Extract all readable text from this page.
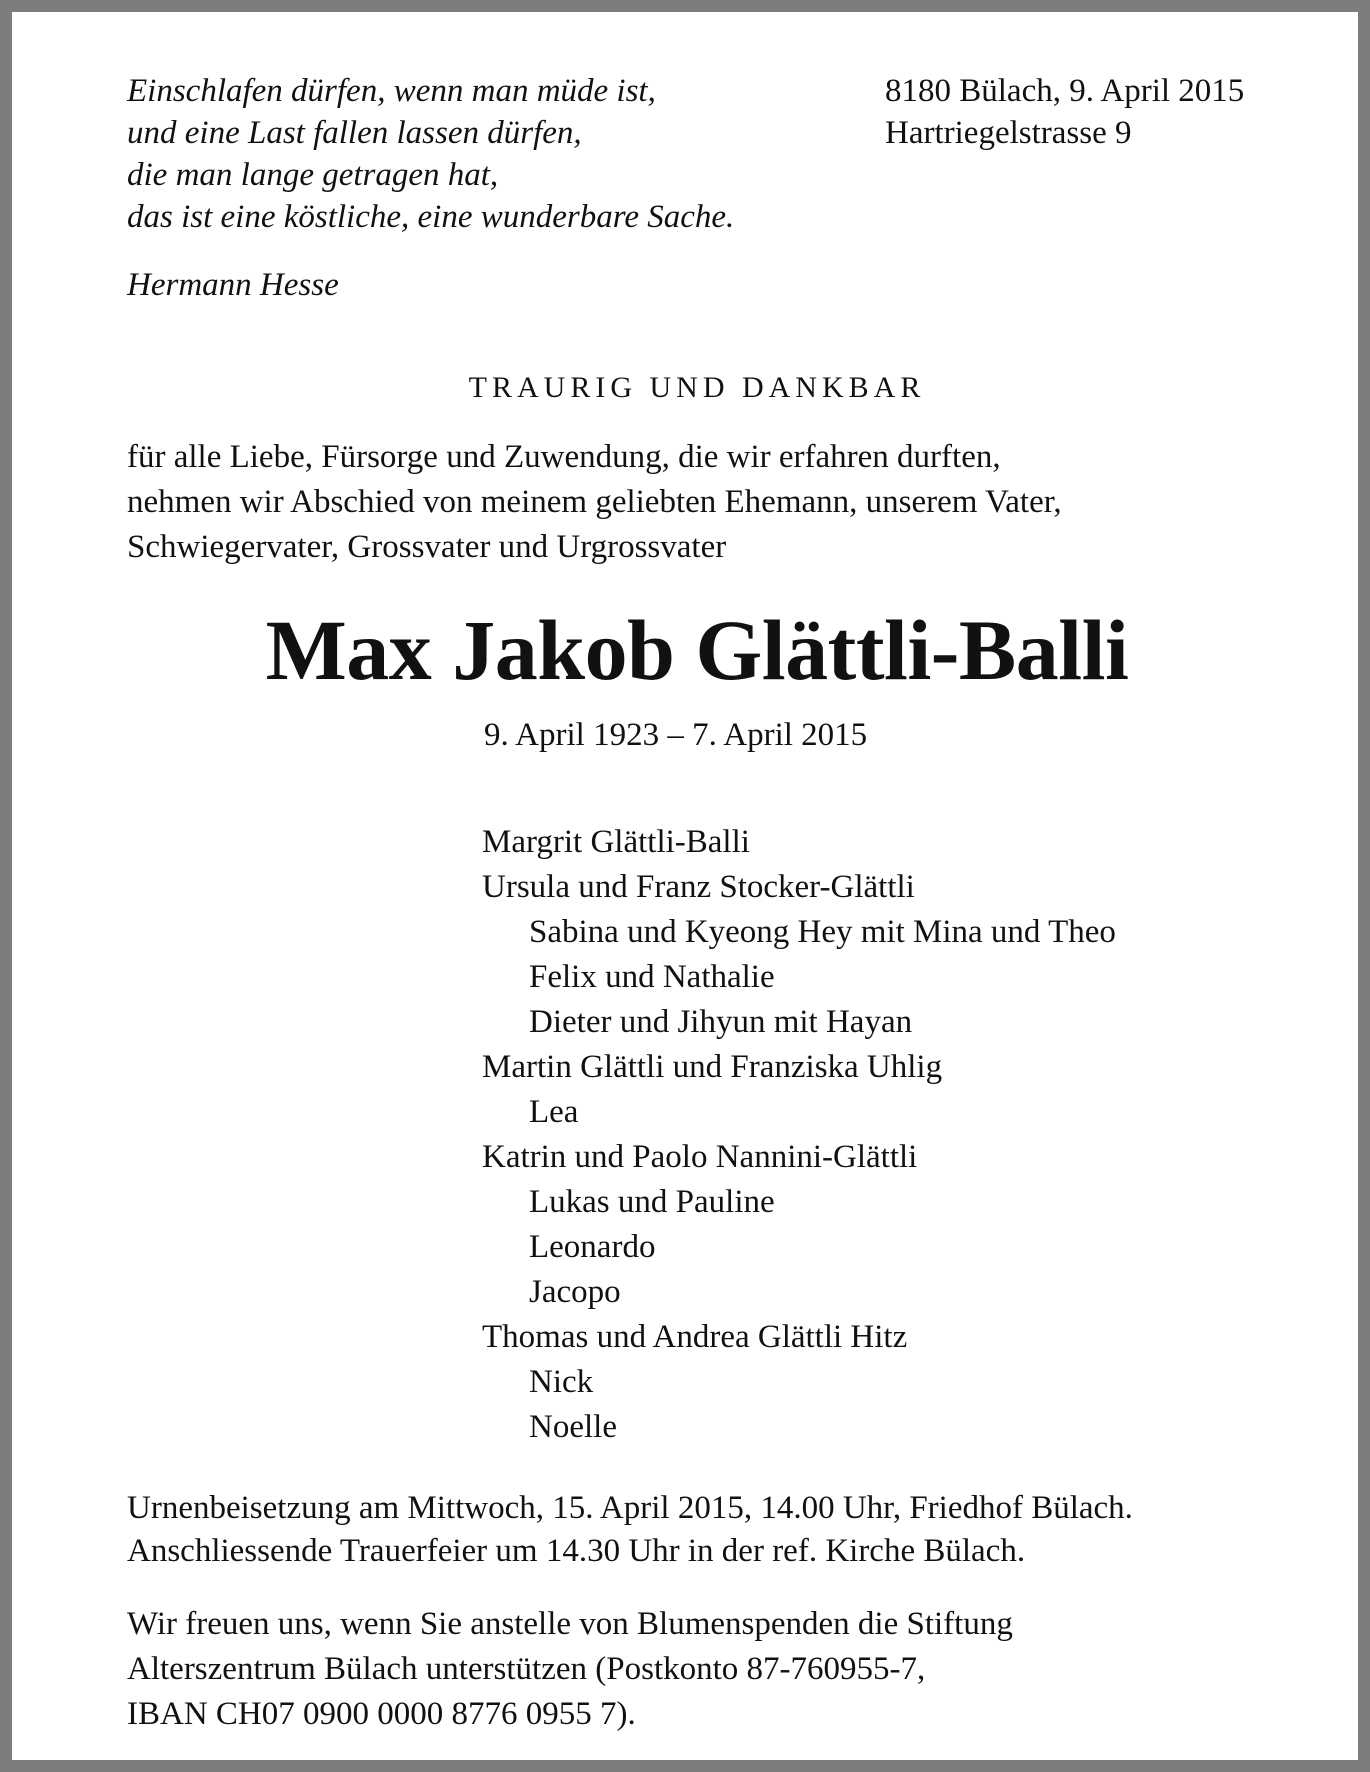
Einschlafen dürfen, wenn man müde ist,
und eine Last fallen lassen dürfen,
die man lange getragen hat,
das ist eine köstliche, eine wunderbare Sache.
Hermann Hesse
8180 Bülach, 9. April 2015
Hartriegelstrasse 9
TRAURIG UND DANKBAR
für alle Liebe, Fürsorge und Zuwendung, die wir erfahren durften,
nehmen wir Abschied von meinem geliebten Ehemann, unserem Vater,
Schwiegervater, Grossvater und Urgrossvater
Max Jakob Glättli-Balli
9. April 1923 – 7. April 2015
Margrit Glättli-Balli
Ursula und Franz Stocker-Glättli
Sabina und Kyeong Hey mit Mina und Theo
Felix und Nathalie
Dieter und Jihyun mit Hayan
Martin Glättli und Franziska Uhlig
Lea
Katrin und Paolo Nannini-Glättli
Lukas und Pauline
Leonardo
Jacopo
Thomas und Andrea Glättli Hitz
Nick
Noelle
Urnenbeisetzung am Mittwoch, 15. April 2015, 14.00 Uhr, Friedhof Bülach.
Anschliessende Trauerfeier um 14.30 Uhr in der ref. Kirche Bülach.
Wir freuen uns, wenn Sie anstelle von Blumenspenden die Stiftung
Alterszentrum Bülach unterstützen (Postkonto 87-760955-7,
IBAN CH07 0900 0000 8776 0955 7).
